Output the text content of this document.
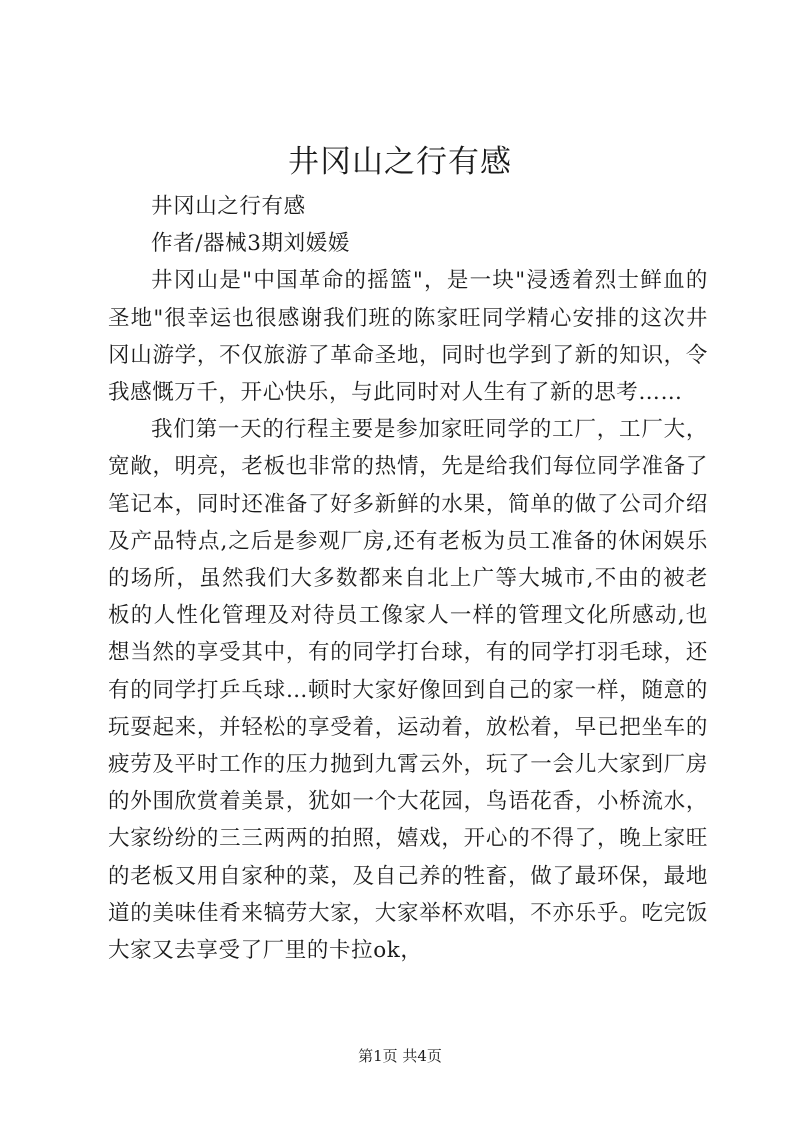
井冈山之行有感

井冈山之行有感

作者/器械3期刘媛媛

井冈山是"中国革命的摇篮"，是一块"浸透着烈士鲜血的圣地"很幸运也很感谢我们班的陈家旺同学精心安排的这次井冈山游学，不仅旅游了革命圣地，同时也学到了新的知识，令我感慨万千，开心快乐，与此同时对人生有了新的思考……

我们第一天的行程主要是参加家旺同学的工厂，工厂大，宽敞，明亮，老板也非常的热情，先是给我们每位同学准备了笔记本，同时还准备了好多新鲜的水果，简单的做了公司介绍及产品特点,之后是参观厂房,还有老板为员工准备的休闲娱乐的场所，虽然我们大多数都来自北上广等大城市,不由的被老板的人性化管理及对待员工像家人一样的管理文化所感动,也想当然的享受其中，有的同学打台球，有的同学打羽毛球，还有的同学打乒乓球…顿时大家好像回到自己的家一样，随意的玩耍起来，并轻松的享受着，运动着，放松着，早已把坐车的疲劳及平时工作的压力抛到九霄云外，玩了一会儿大家到厂房的外围欣赏着美景，犹如一个大花园，鸟语花香，小桥流水，大家纷纷的三三两两的拍照，嬉戏，开心的不得了，晚上家旺的老板又用自家种的菜，及自己养的牲畜，做了最环保，最地道的美味佳肴来犒劳大家，大家举杯欢唱，不亦乐乎。吃完饭大家又去享受了厂里的卡拉ok，

第1页 共4页
